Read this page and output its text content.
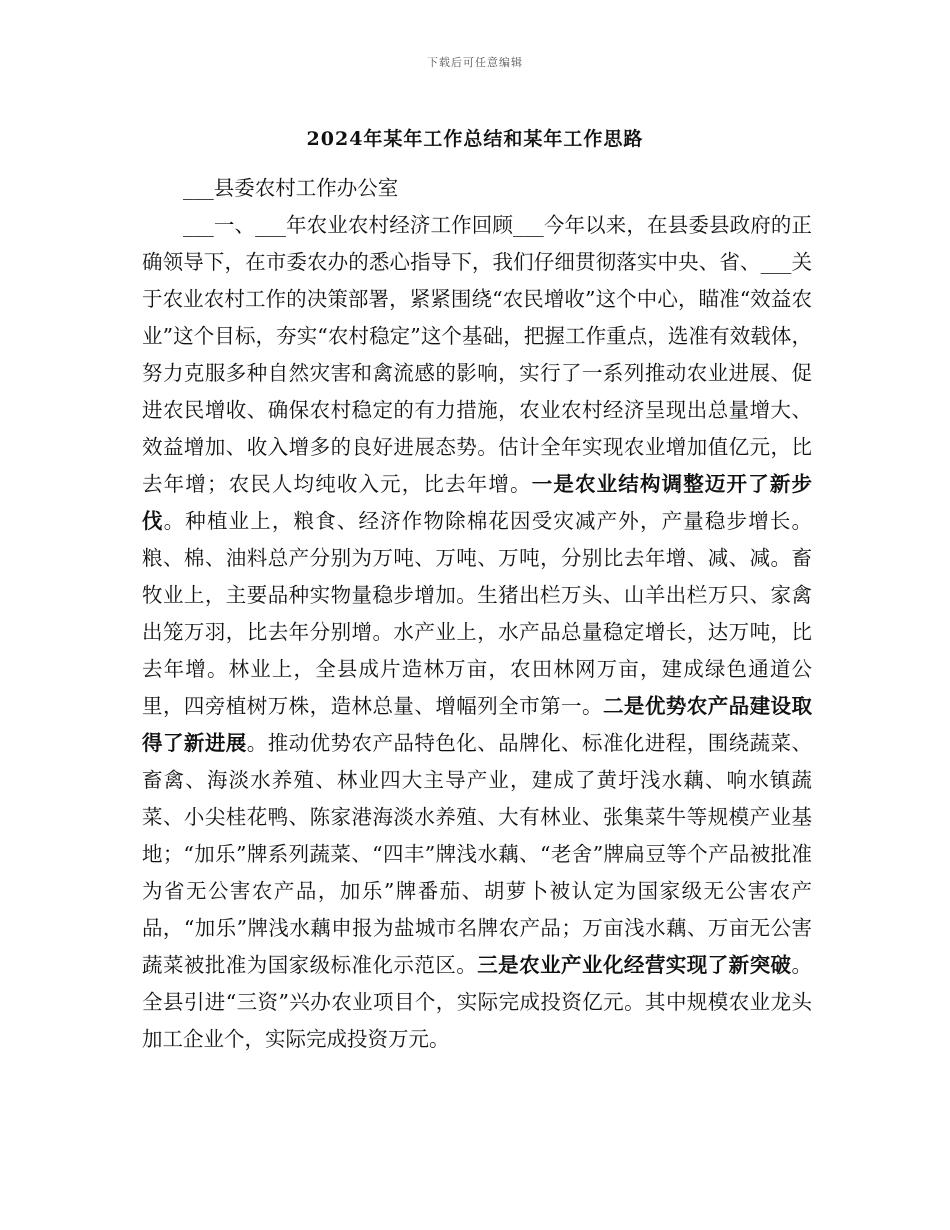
下载后可任意编辑
2024年某年工作总结和某年工作思路

___县委农村工作办公室

___一、___年农业农村经济工作回顾___今年以来，在县委县政府的正确领导下，在市委农办的悉心指导下，我们仔细贯彻落实中央、省、___关于农业农村工作的决策部署，紧紧围绕“农民增收”这个中心，瞄准“效益农业”这个目标，夯实“农村稳定”这个基础，把握工作重点，选准有效载体，努力克服多种自然灾害和禽流感的影响，实行了一系列推动农业进展、促进农民增收、确保农村稳定的有力措施，农业农村经济呈现出总量增大、效益增加、收入增多的良好进展态势。估计全年实现农业增加值亿元，比去年增；农民人均纯收入元，比去年增。一是农业结构调整迈开了新步伐。种植业上，粮食、经济作物除棉花因受灾减产外，产量稳步增长。粮、棉、油料总产分别为万吨、万吨、万吨，分别比去年增、减、减。畜牧业上，主要品种实物量稳步增加。生猪出栏万头、山羊出栏万只、家禽出笼万羽，比去年分别增。水产业上，水产品总量稳定增长，达万吨，比去年增。林业上，全县成片造林万亩，农田林网万亩，建成绿色通道公里，四旁植树万株，造林总量、增幅列全市第一。二是优势农产品建设取得了新进展。推动优势农产品特色化、品牌化、标准化进程，围绕蔬菜、畜禽、海淡水养殖、林业四大主导产业，建成了黄圩浅水藕、响水镇蔬菜、小尖桂花鸭、陈家港海淡水养殖、大有林业、张集菜牛等规模产业基地；“加乐”牌系列蔬菜、“四丰”牌浅水藕、“老舍”牌扁豆等个产品被批准为省无公害农产品，加乐”牌番茄、胡萝卜被认定为国家级无公害农产品，“加乐”牌浅水藕申报为盐城市名牌农产品；万亩浅水藕、万亩无公害蔬菜被批准为国家级标准化示范区。三是农业产业化经营实现了新突破。全县引进“三资”兴办农业项目个，实际完成投资亿元。其中规模农业龙头加工企业个，实际完成投资万元。
